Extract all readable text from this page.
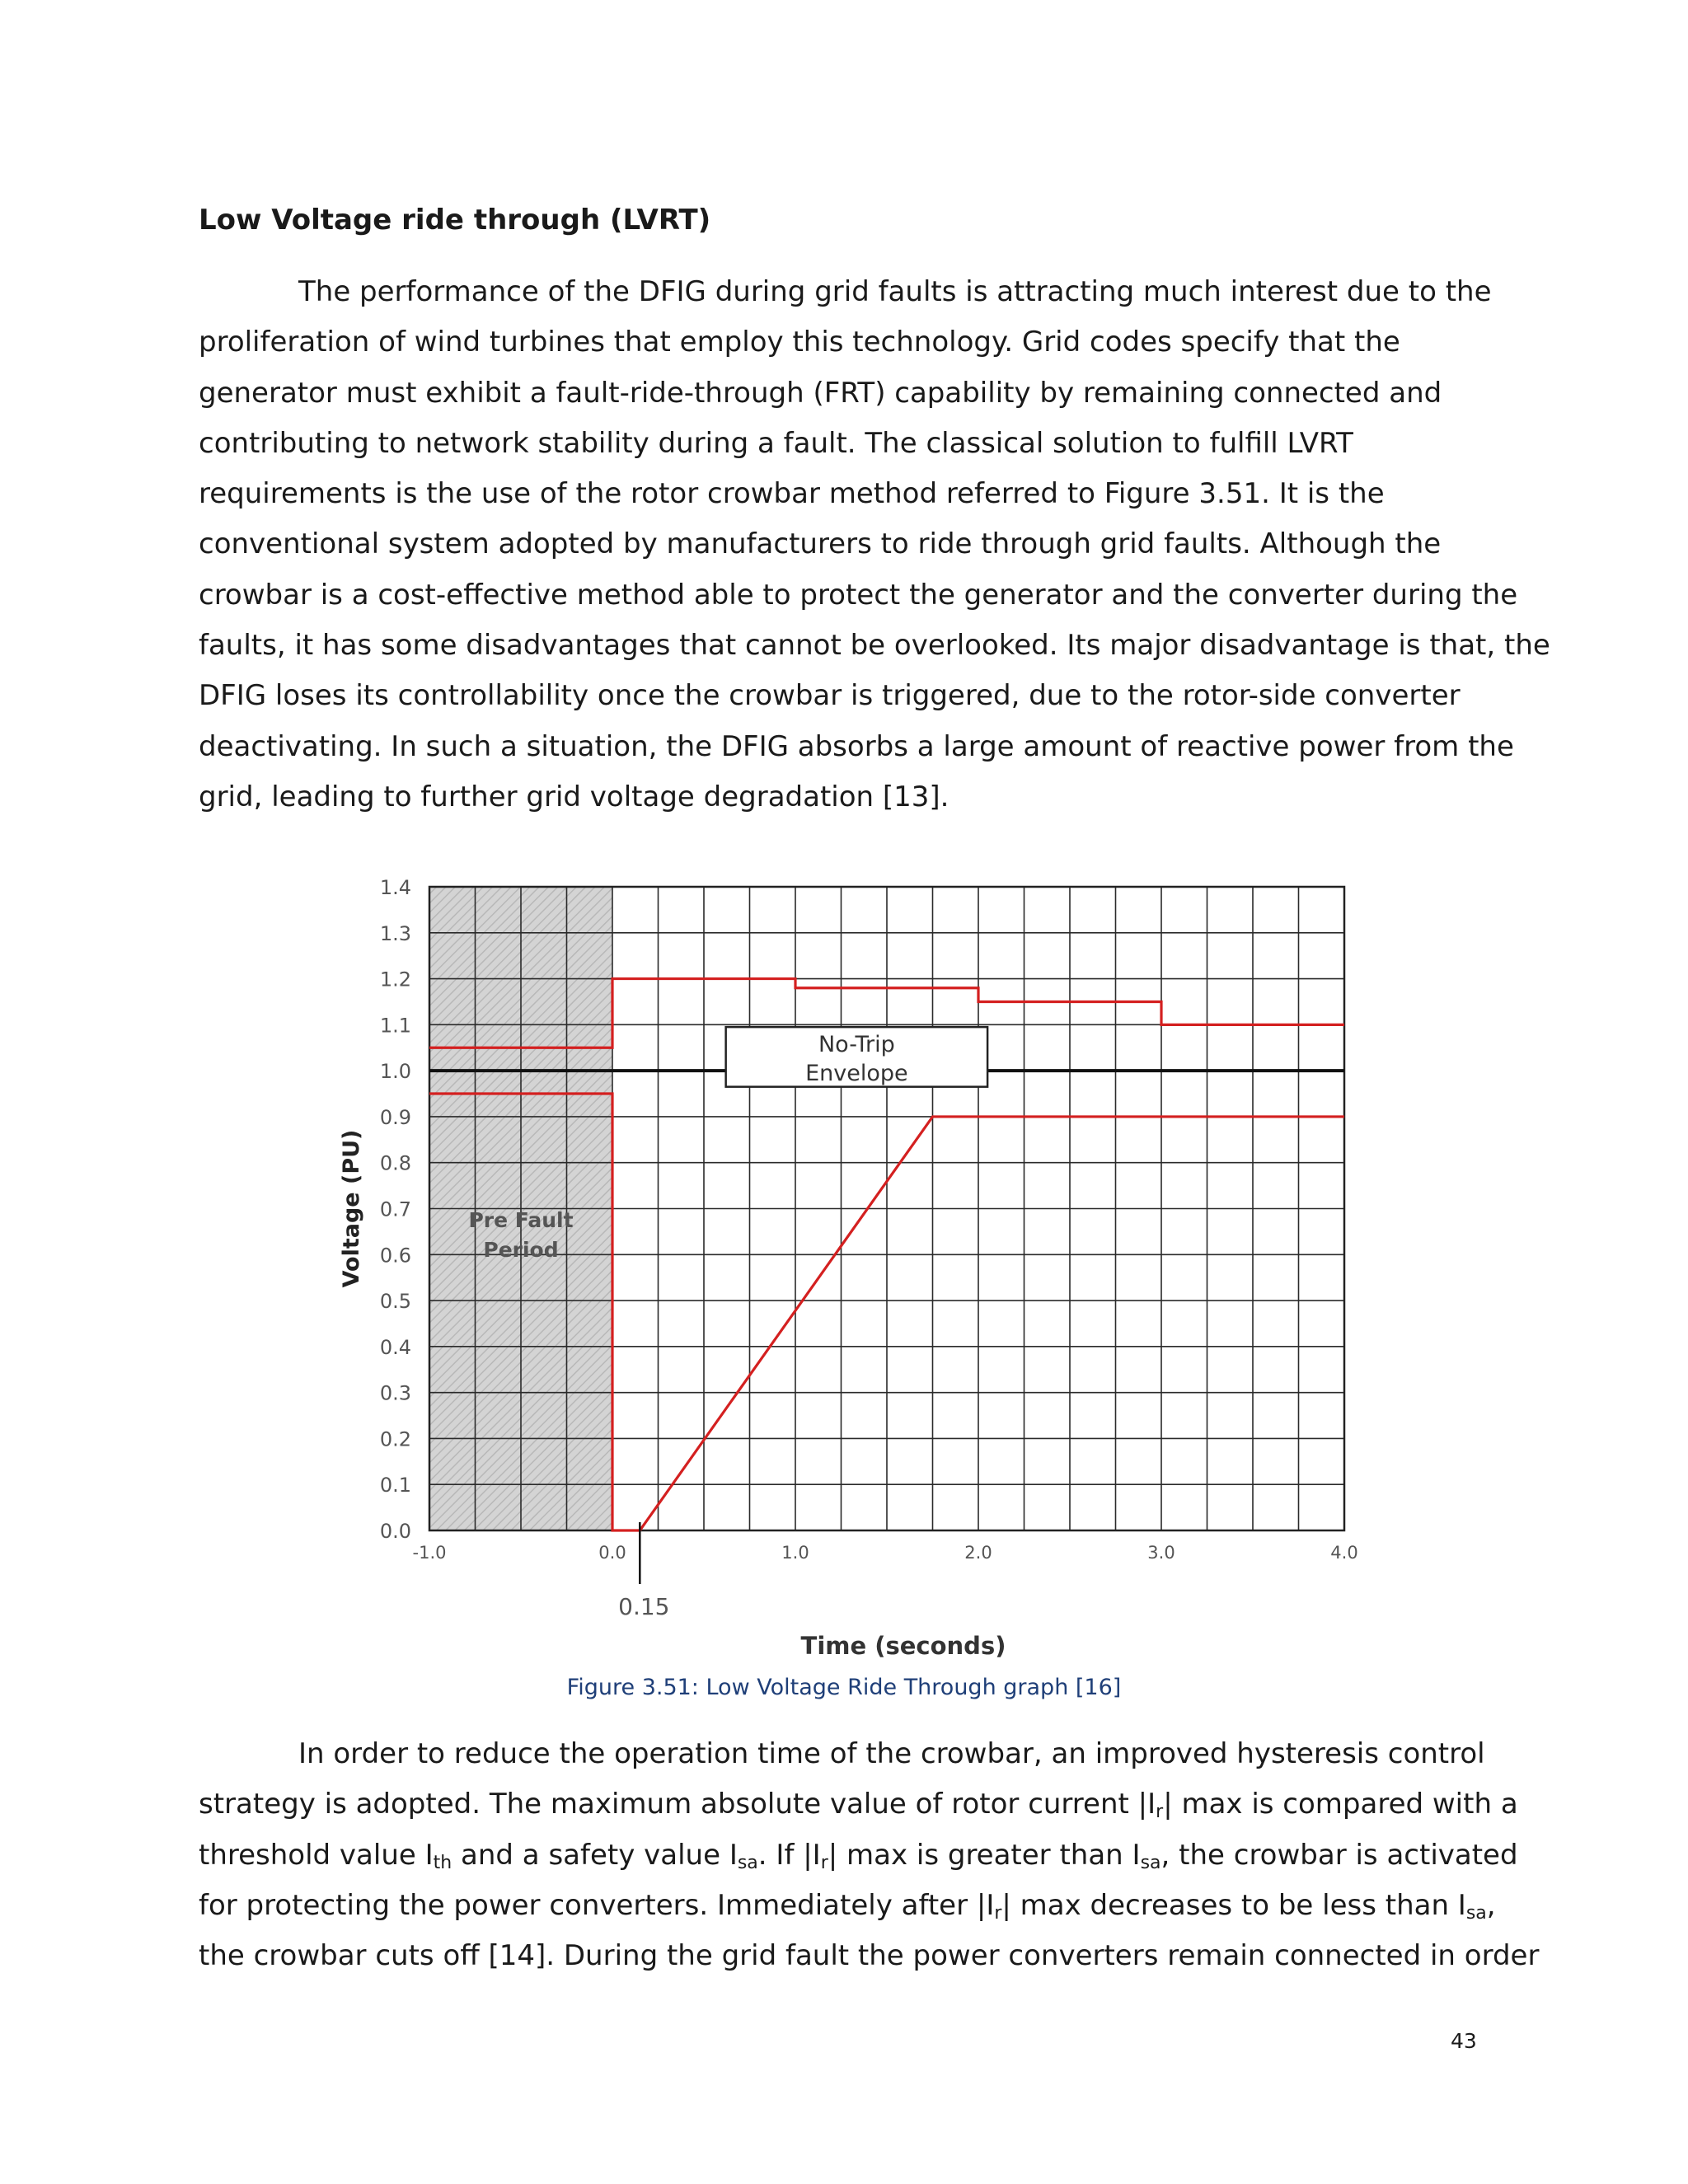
Low Voltage ride through (LVRT)
The performance of the DFIG during grid faults is attracting much interest due to the
proliferation of wind turbines that employ this technology. Grid codes specify that the
generator must exhibit a fault-ride-through (FRT) capability by remaining connected and
contributing to network stability during a fault. The classical solution to fulfill LVRT
requirements is the use of the rotor crowbar method referred to Figure 3.51. It is the
conventional system adopted by manufacturers to ride through grid faults. Although the
crowbar is a cost-effective method able to protect the generator and the converter during the
faults, it has some disadvantages that cannot be overlooked. Its major disadvantage is that, the
DFIG loses its controllability once the crowbar is triggered, due to the rotor-side converter
deactivating. In such a situation, the DFIG absorbs a large amount of reactive power from the
grid, leading to further grid voltage degradation [13].
No-Trip
Envelope
0.0
0.1
0.2
0.3
0.4
0.5
0.6
0.7
0.8
0.9
1.0
1.1
1.2
1.3
1.4
-1.0	0.0	1.0	2.0	3.0	4.0
Pre Fault
Period
0.15
Time (seconds)
Voltage (PU)
Figure 3.51: Low Voltage Ride Through graph [16]
In order to reduce the operation time of the crowbar, an improved hysteresis control
strategy is adopted. The maximum absolute value of rotor current $|I_r|$ max is compared with a
threshold value $I_{th}$ and a safety value $I_{sa}$. If $|I_r|$ max is greater than $I_{sa}$, the crowbar is activated
for protecting the power converters. Immediately after $|I_r|$ max decreases to be less than $I_{sa}$,
the crowbar cuts off [14]. During the grid fault the power converters remain connected in order
43
